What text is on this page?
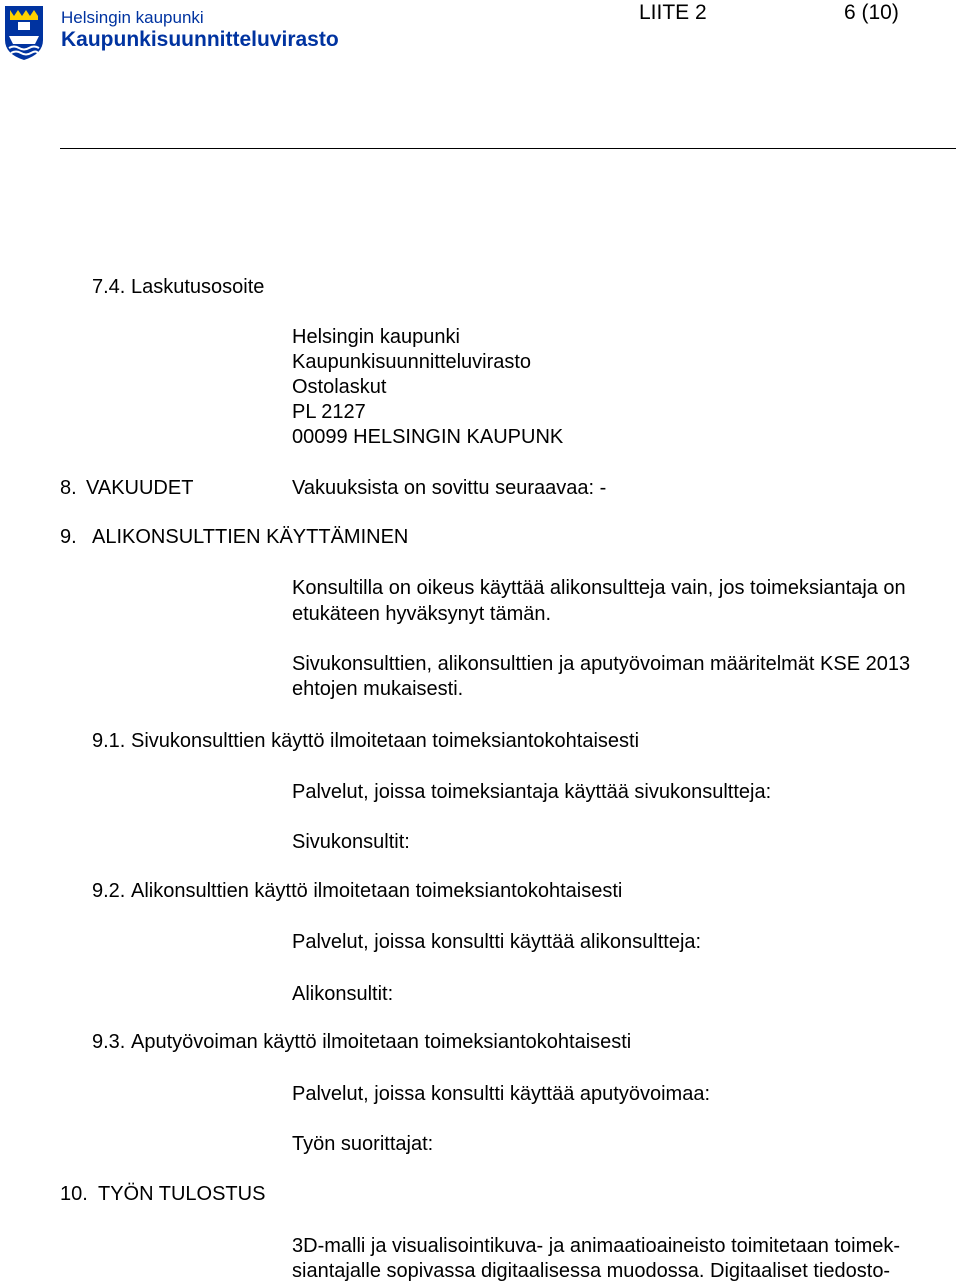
Helsingin kaupunki
Kaupunkisuunnitteluvirasto
LIITE 2	6 (10)
7.4. Laskutusosoite
Helsingin kaupunki
Kaupunkisuunnitteluvirasto
Ostolaskut
PL 2127
00099 HELSINGIN KAUPUNK
8. VAKUUDET	Vakuuksista on sovittu seuraavaa: -
9. ALIKONSULTTIEN KÄYTTÄMINEN
Konsultilla on oikeus käyttää alikonsultteja vain, jos toimeksiantaja on
etukäteen hyväksynyt tämän.
Sivukonsulttien, alikonsulttien ja aputyövoiman määritelmät KSE 2013
ehtojen mukaisesti.
9.1. Sivukonsulttien käyttö ilmoitetaan toimeksiantokohtaisesti
Palvelut, joissa toimeksiantaja käyttää sivukonsultteja:
Sivukonsultit:
9.2. Alikonsulttien käyttö ilmoitetaan toimeksiantokohtaisesti
Palvelut, joissa konsultti käyttää alikonsultteja:
Alikonsultit:
9.3. Aputyövoiman käyttö ilmoitetaan toimeksiantokohtaisesti
Palvelut, joissa konsultti käyttää aputyövoimaa:
Työn suorittajat:
10. TYÖN TULOSTUS
3D-malli ja visualisointikuva- ja animaatioaineisto toimitetaan toimek-
siantajalle sopivassa digitaalisessa muodossa. Digitaaliset tiedosto-
